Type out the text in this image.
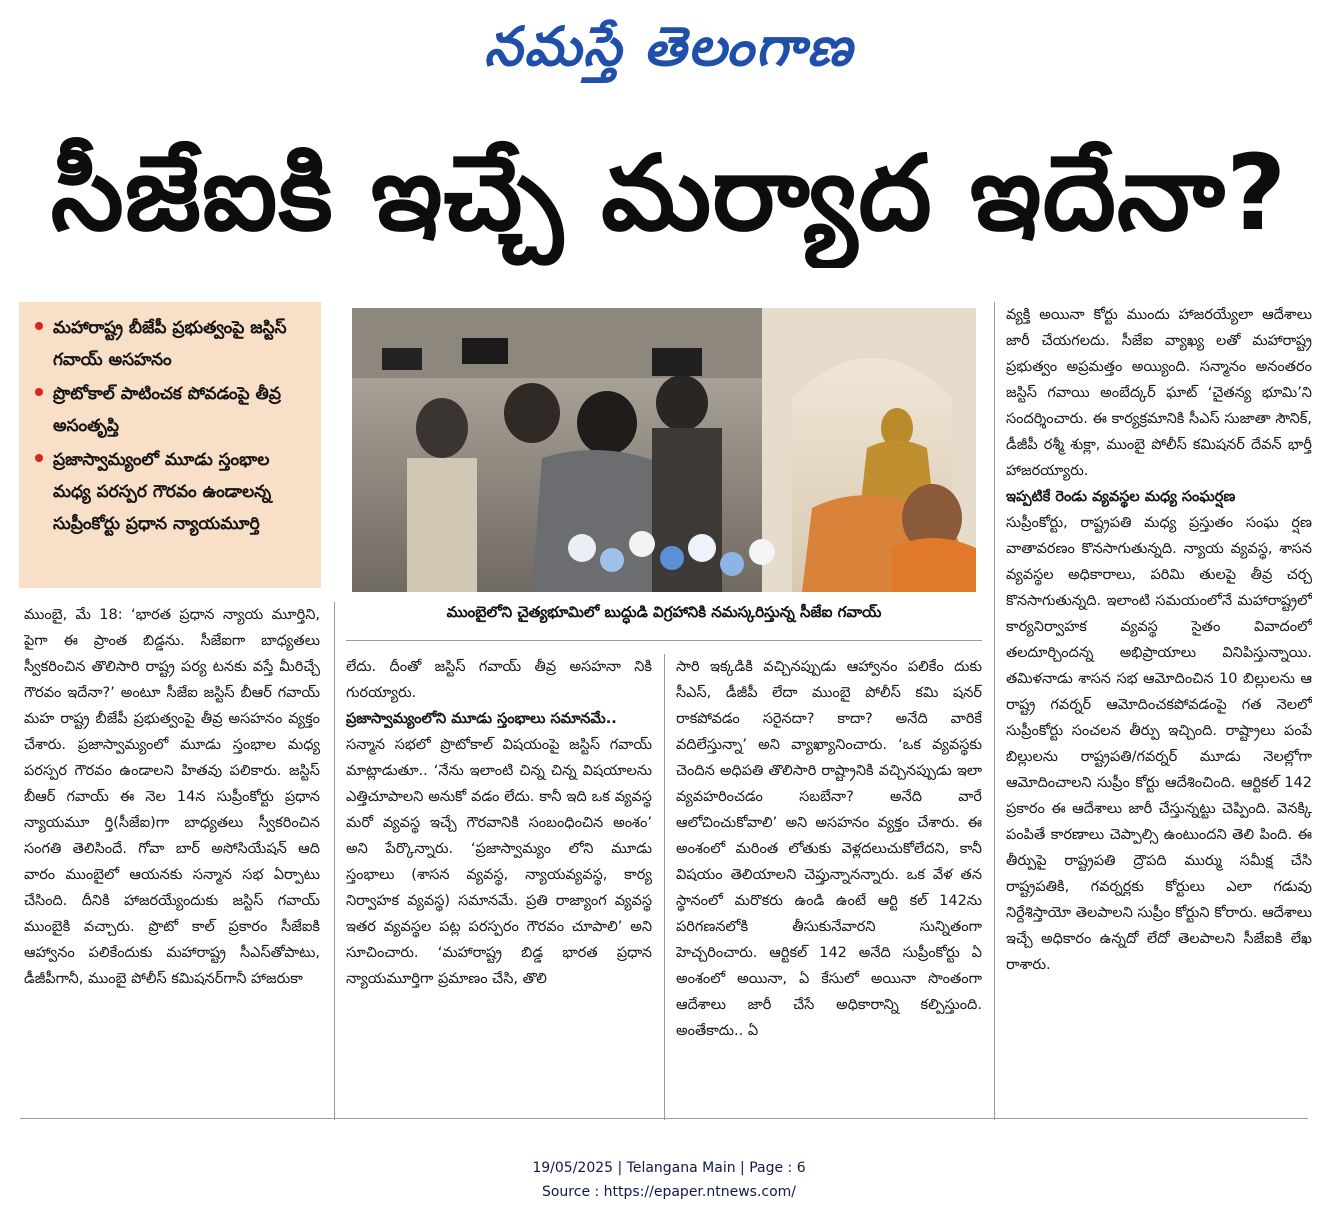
నమస్తే తెలంగాణ
సీజేఐకి ఇచ్చే మర్యాద ఇదేనా?
మహారాష్ట్ర బీజేపీ ప్రభుత్వంపై జస్టిస్ గవాయ్ అసహనం
ప్రొటోకాల్ పాటించక పోవడంపై తీవ్ర అసంతృప్తి
ప్రజాస్వామ్యంలో మూడు స్తంభాల మధ్య పరస్పర గౌరవం ఉండాలన్న సుప్రీంకోర్టు ప్రధాన న్యాయమూర్తి
ముంబైలోని చైత్యభూమిలో బుద్ధుడి విగ్రహానికి నమస్కరిస్తున్న సీజేఐ గవాయ్

ముంబై, మే 18: ‘భారత ప్రధాన న్యాయ మూర్తిని, పైగా ఈ ప్రాంత బిడ్డను. సీజేఐగా బాధ్యతలు స్వీకరించిన తొలిసారి రాష్ట్ర పర్య టనకు వస్తే మీరిచ్చే గౌరవం ఇదేనా?’ అంటూ సీజేఐ జస్టిస్ బీఆర్ గవాయ్ మహ రాష్ట్ర బీజేపీ ప్రభుత్వంపై తీవ్ర అసహనం వ్యక్తం చేశారు. ప్రజాస్వామ్యంలో మూడు స్తంభాల మధ్య పరస్పర గౌరవం ఉండాలని హితవు పలికారు. జస్టిస్ బీఆర్ గవాయ్ ఈ నెల 14న సుప్రీంకోర్టు ప్రధాన న్యాయమూ ర్తి(సీజేఐ)గా బాధ్యతలు స్వీకరించిన సంగతి తెలిసిందే. గోవా బార్ అసోసియేషన్ ఆది వారం ముంబైలో ఆయనకు సన్మాన సభ ఏర్పాటు చేసింది. దీనికి హాజరయ్యేందుకు జస్టిస్ గవాయ్ ముంబైకి వచ్చారు. ప్రొటో కాల్ ప్రకారం సీజేఐకి ఆహ్వానం పలికేందుకు మహారాష్ట్ర సీఎస్‌తోపాటు, డీజీపీగానీ, ముంబై పోలీస్ కమిషనర్‌గానీ హాజరుకా

లేదు. దీంతో జస్టిస్ గవాయ్ తీవ్ర అసహనా నికి గురయ్యారు.

ప్రజాస్వామ్యంలోని మూడు స్తంభాలు సమానమే..

సన్మాన సభలో ప్రొటోకాల్ విషయంపై జస్టిస్ గవాయ్ మాట్లాడుతూ.. ‘నేను ఇలాంటి చిన్న చిన్న విషయాలను ఎత్తిచూపాలని అనుకో వడం లేదు. కానీ ఇది ఒక వ్యవస్థ మరో వ్యవస్థ ఇచ్చే గౌరవానికి సంబంధించిన అంశం’ అని పేర్కొన్నారు. ‘ప్రజాస్వామ్యం లోని మూడు స్తంభాలు (శాసన వ్యవస్థ, న్యాయవ్యవస్థ, కార్య నిర్వాహక వ్యవస్థ) సమానమే. ప్రతి రాజ్యాంగ వ్యవస్థ ఇతర వ్యవస్థల పట్ల పరస్పరం గౌరవం చూపాలి’ అని సూచించారు. ‘మహారాష్ట్ర బిడ్డ భారత ప్రధాన న్యాయమూర్తిగా ప్రమాణం చేసి, తొలి

సారి ఇక్కడికి వచ్చినప్పుడు ఆహ్వానం పలికేం దుకు సీఎస్, డీజీపీ లేదా ముంబై పోలీస్ కమి షనర్ రాకపోవడం సరైనదా? కాదా? అనేది వారికే వదిలేస్తున్నా’ అని వ్యాఖ్యానించారు. ‘ఒక వ్యవస్థకు చెందిన అధిపతి తొలిసారి రాష్ట్రానికి వచ్చినప్పుడు ఇలా వ్యవహరించడం సబబేనా? అనేది వారే ఆలోచించుకోవాలి’ అని అసహనం వ్యక్తం చేశారు. ఈ అంశంలో మరింత లోతుకు వెళ్లదలుచుకోలేదని, కానీ విషయం తెలియాలని చెప్తున్నానన్నారు. ఒక వేళ తన స్థానంలో మరొకరు ఉండి ఉంటే ఆర్టి కల్ 142ను పరిగణనలోకి తీసుకునేవారని సున్నితంగా హెచ్చరించారు. ఆర్టికల్ 142 అనేది సుప్రీంకోర్టు ఏ అంశంలో అయినా, ఏ కేసులో అయినా సొంతంగా ఆదేశాలు జారీ చేసే అధికారాన్ని కల్పిస్తుంది. అంతేకాదు.. ఏ

వ్యక్తి అయినా కోర్టు ముందు హాజరయ్యేలా ఆదేశాలు జారీ చేయగలదు. సీజేఐ వ్యాఖ్య లతో మహారాష్ట్ర ప్రభుత్వం అప్రమత్తం అయ్యింది. సన్మానం అనంతరం జస్టిస్ గవాయి అంబేద్కర్ ఘాట్ ‘చైతన్య భూమి’ని సందర్శించారు. ఈ కార్యక్రమానికి సీఎస్ సుజాతా సౌనిక్, డీజీపీ రశ్మీ శుక్లా, ముంబై పోలీస్ కమిషనర్ దేవన్ భార్తీ హాజరయ్యారు.

ఇప్పటికే రెండు వ్యవస్థల మధ్య సంఘర్షణ

సుప్రీంకోర్టు, రాష్ట్రపతి మధ్య ప్రస్తుతం సంఘ ర్షణ వాతావరణం కొనసాగుతున్నది. న్యాయ వ్యవస్థ, శాసన వ్యవస్థల అధికారాలు, పరిమి తులపై తీవ్ర చర్చ కొనసాగుతున్నది. ఇలాంటి సమయంలోనే మహారాష్ట్రలో కార్యనిర్వాహక వ్యవస్థ సైతం వివాదంలో తలదూర్చిందన్న అభిప్రాయాలు వినిపిస్తున్నాయి. తమిళనాడు శాసన సభ ఆమోదించిన 10 బిల్లులను ఆ రాష్ట్ర గవర్నర్ ఆమోదించకపోవడంపై గత నెలలో సుప్రీంకోర్టు సంచలన తీర్పు ఇచ్చింది. రాష్ట్రాలు పంపే బిల్లులను రాష్ట్రపతి/గవర్నర్ మూడు నెలల్లోగా ఆమోదించాలని సుప్రీం కోర్టు ఆదేశించింది. ఆర్టికల్ 142 ప్రకారం ఈ ఆదేశాలు జారీ చేస్తున్నట్టు చెప్పింది. వెనక్కి పంపితే కారణాలు చెప్పాల్సి ఉంటుందని తెలి పింది. ఈ తీర్పుపై రాష్ట్రపతి ద్రౌపది ముర్ము సమీక్ష చేసి రాష్ట్రపతికి, గవర్నర్లకు కోర్టులు ఎలా గడువు నిర్దేశిస్తాయో తెలపాలని సుప్రీం కోర్టుని కోరారు. ఆదేశాలు ఇచ్చే అధికారం ఉన్నదో లేదో తెలపాలని సీజేఐకి లేఖ రాశారు.

19/05/2025 | Telangana Main | Page : 6
Source : https://epaper.ntnews.com/
